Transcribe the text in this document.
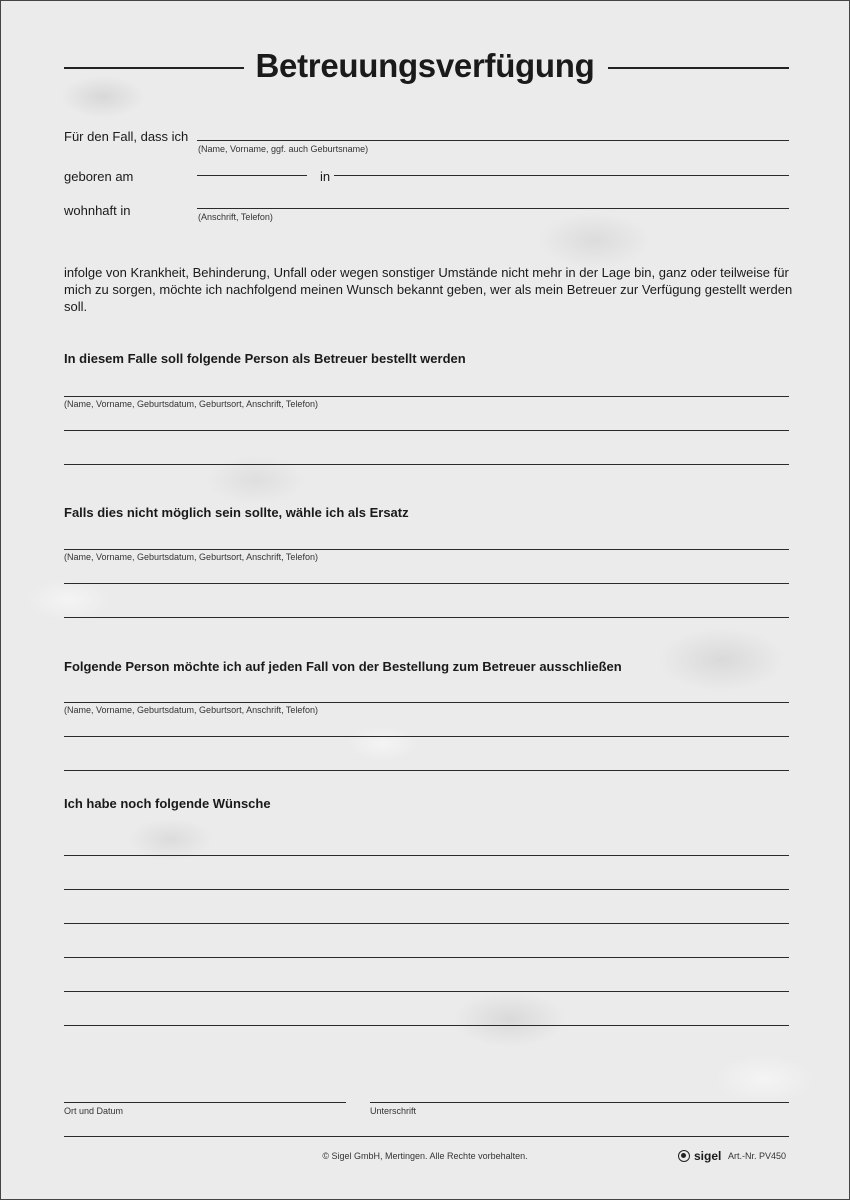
Betreuungsverfügung
Für den Fall, dass ich
(Name, Vorname, ggf. auch Geburtsname)
geboren am	in
wohnhaft in	(Anschrift, Telefon)
infolge von Krankheit, Behinderung, Unfall oder wegen sonstiger Umstände nicht mehr in der Lage bin, ganz oder teilweise für mich zu sorgen, möchte ich nachfolgend meinen Wunsch bekannt geben, wer als mein Betreuer zur Verfügung gestellt werden soll.
In diesem Falle soll folgende Person als Betreuer bestellt werden
(Name, Vorname, Geburtsdatum, Geburtsort, Anschrift, Telefon)
Falls dies nicht möglich sein sollte, wähle ich als Ersatz
(Name, Vorname, Geburtsdatum, Geburtsort, Anschrift, Telefon)
Folgende Person möchte ich auf jeden Fall von der Bestellung zum Betreuer ausschließen
(Name, Vorname, Geburtsdatum, Geburtsort, Anschrift, Telefon)
Ich habe noch folgende Wünsche
Ort und Datum	Unterschrift
© Sigel GmbH, Mertingen. Alle Rechte vorbehalten.	sigel Art.-Nr. PV450
